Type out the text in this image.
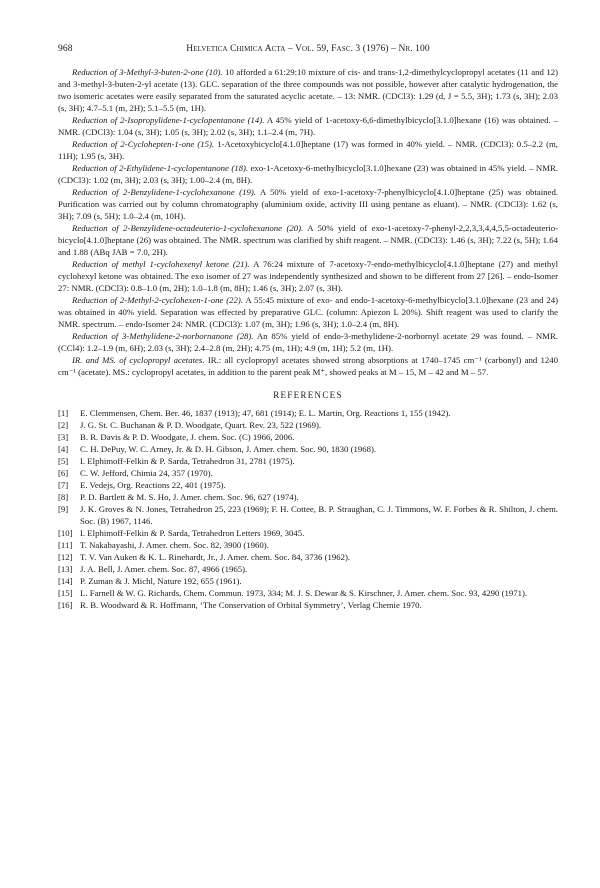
968	Helvetica Chimica Acta – Vol. 59, Fasc. 3 (1976) – Nr. 100

Reduction of 3-Methyl-3-buten-2-one (10). 10 afforded a 61:29:10 mixture of cis- and trans-1,2-dimethylcyclopropyl acetates (11 and 12) and 3-methyl-3-buten-2-yl acetate (13). GLC. separation of the three compounds was not possible, however after catalytic hydrogenation, the two isomeric acetates were easily separated from the saturated acyclic acetate. – 13: NMR. (CDCl3): 1.29 (d, J = 5.5, 3H); 1.73 (s, 3H); 2.03 (s, 3H); 4.7–5.1 (m, 2H); 5.1–5.5 (m, 1H).

Reduction of 2-Isopropylidene-1-cyclopentanone (14). A 45% yield of 1-acetoxy-6,6-dimethylbicyclo[3.1.0]hexane (16) was obtained. – NMR. (CDCl3): 1.04 (s, 3H); 1.05 (s, 3H); 2.02 (s, 3H); 1.1–2.4 (m, 7H).

Reduction of 2-Cyclohepten-1-one (15). 1-Acetoxybicyclo[4.1.0]heptane (17) was formed in 40% yield. – NMR. (CDCl3): 0.5–2.2 (m, 11H); 1.95 (s, 3H).

Reduction of 2-Ethylidene-1-cyclopentanone (18). exo-1-Acetoxy-6-methylbicyclo[3.1.0]hexane (23) was obtained in 45% yield. – NMR. (CDCl3): 1.02 (m, 3H); 2.03 (s, 3H); 1.00–2.4 (m, 8H).

Reduction of 2-Benzylidene-1-cyclohexanone (19). A 50% yield of exo-1-acetoxy-7-phenylbicyclo[4.1.0]heptane (25) was obtained. Purification was carried out by column chromatography (aluminium oxide, activity III using pentane as eluant). – NMR. (CDCl3): 1.62 (s, 3H); 7.09 (s, 5H); 1.0–2.4 (m, 10H).

Reduction of 2-Benzylidene-octadeuterio-1-cyclohexanone (20). A 50% yield of exo-1-acetoxy-7-phenyl-2,2,3,3,4,4,5,5-octadeuterio-bicyclo[4.1.0]heptane (26) was obtained. The NMR. spectrum was clarified by shift reagent. – NMR. (CDCl3): 1.46 (s, 3H); 7.22 (s, 5H); 1.64 and 1.88 (ABq JAB = 7.0, 2H).

Reduction of methyl 1-cyclohexenyl ketone (21). A 76:24 mixture of 7-acetoxy-7-endo-methylbicyclo[4.1.0]heptane (27) and methyl cyclohexyl ketone was obtained. The exo isomer of 27 was independently synthesized and shown to be different from 27 [26]. – endo-Isomer 27: NMR. (CDCl3): 0.8–1.0 (m, 2H); 1.0–1.8 (m, 8H); 1.46 (s, 3H); 2.07 (s, 3H).

Reduction of 2-Methyl-2-cyclohexen-1-one (22). A 55:45 mixture of exo- and endo-1-acetoxy-6-methylbicyclo[3.1.0]hexane (23 and 24) was obtained in 40% yield. Separation was effected by preparative GLC. (column: Apiezon L 20%). Shift reagent was used to clarify the NMR. spectrum. – endo-Isomer 24: NMR. (CDCl3): 1.07 (m, 3H); 1.96 (s, 3H); 1.0–2.4 (m, 8H).

Reduction of 3-Methylidene-2-norbornanone (28). An 85% yield of endo-3-methylidene-2-norbornyl acetate 29 was found. – NMR. (CCl4): 1.2–1.9 (m, 6H); 2.03 (s, 3H); 2.4–2.8 (m, 2H); 4.75 (m, 1H); 4.9 (m, 1H); 5.2 (m, 1H).

IR. and MS. of cyclopropyl acetates. IR.: all cyclopropyl acetates showed strong absorptions at 1740–1745 cm⁻¹ (carbonyl) and 1240 cm⁻¹ (acetate). MS.: cyclopropyl acetates, in addition to the parent peak M⁺, showed peaks at M – 15, M – 42 and M – 57.

REFERENCES
[1]	E. Clemmensen, Chem. Ber. 46, 1837 (1913); 47, 681 (1914); E. L. Martin, Org. Reactions 1, 155 (1942).
[2]	J. G. St. C. Buchanan & P. D. Woodgate, Quart. Rev. 23, 522 (1969).
[3]	B. R. Davis & P. D. Woodgate, J. chem. Soc. (C) 1966, 2006.
[4]	C. H. DePuy, W. C. Arney, Jr. & D. H. Gibson, J. Amer. chem. Soc. 90, 1830 (1968).
[5]	I. Elphimoff-Felkin & P. Sarda, Tetrahedron 31, 2781 (1975).
[6]	C. W. Jefford, Chimia 24, 357 (1970).
[7]	E. Vedejs, Org. Reactions 22, 401 (1975).
[8]	P. D. Bartlett & M. S. Ho, J. Amer. chem. Soc. 96, 627 (1974).
[9]	J. K. Groves & N. Jones, Tetrahedron 25, 223 (1969); F. H. Cottee, B. P. Straughan, C. J. Timmons, W. F. Forbes & R. Shilton, J. chem. Soc. (B) 1967, 1146.
[10] I. Elphimoff-Felkin & P. Sarda, Tetrahedron Letters 1969, 3045.
[11] T. Nakabayashi, J. Amer. chem. Soc. 82, 3900 (1960).
[12] T. V. Van Auken & K. L. Rinehardt, Jr., J. Amer. chem. Soc. 84, 3736 (1962).
[13] J. A. Bell, J. Amer. chem. Soc. 87, 4966 (1965).
[14] P. Zuman & J. Michl, Nature 192, 655 (1961).
[15] L. Farnell & W. G. Richards, Chem. Commun. 1973, 334; M. J. S. Dewar & S. Kirschner, J. Amer. chem. Soc. 93, 4290 (1971).
[16] R. B. Woodward & R. Hoffmann, ‘The Conservation of Orbital Symmetry’, Verlag Chemie 1970.
